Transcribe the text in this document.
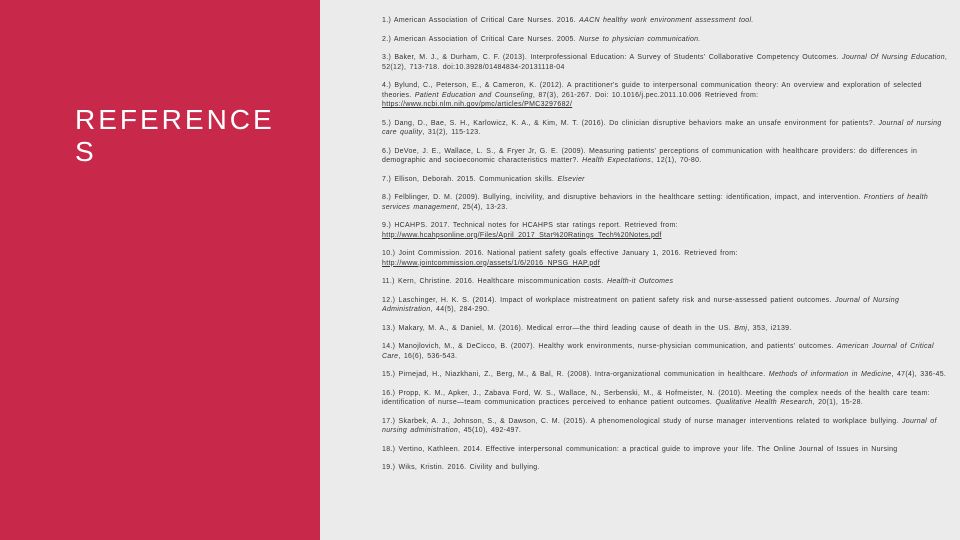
REFERENCES
1.) American Association of Critical Care Nurses. 2016. AACN healthy work environment assessment tool.
2.) American Association of Critical Care Nurses. 2005. Nurse to physician communication.
3.) Baker, M. J., & Durham, C. F. (2013). Interprofessional Education: A Survey of Students' Collaborative Competency Outcomes. Journal Of Nursing Education, 52(12), 713-718. doi:10.3928/01484834-20131118-04
4.) Bylund, C., Peterson, E., & Cameron, K. (2012). A practitioner's guide to interpersonal communication theory: An overview and exploration of selected theories. Patient Education and Counseling, 87(3), 261-267. Doi: 10.1016/j.pec.2011.10.006 Retrieved from:
https://www.ncbi.nlm.nih.gov/pmc/articles/PMC3297682/
5.) Dang, D., Bae, S. H., Karlowicz, K. A., & Kim, M. T. (2016). Do clinician disruptive behaviors make an unsafe environment for patients?. Journal of nursing care quality, 31(2), 115-123.
6.) DeVoe, J. E., Wallace, L. S., & Fryer Jr, G. E. (2009). Measuring patients' perceptions of communication with healthcare providers: do differences in demographic and socioeconomic characteristics matter?. Health Expectations, 12(1), 70-80.
7.) Ellison, Deborah. 2015. Communication skills. Elsevier
8.) Felblinger, D. M. (2009). Bullying, incivility, and disruptive behaviors in the healthcare setting: identification, impact, and intervention. Frontiers of health services management, 25(4), 13-23.
9.) HCAHPS. 2017. Technical notes for HCAHPS star ratings report. Retrieved from:
http://www.hcahpsonline.org/Files/April_2017_Star%20Ratings_Tech%20Notes.pdf
10.) Joint Commission. 2016. National patient safety goals effective January 1, 2016. Retrieved from:
http://www.jointcommission.org/assets/1/6/2016_NPSG_HAP.pdf
11.) Kern, Christine. 2016. Healthcare miscommunication costs. Health-it Outcomes
12.) Laschinger, H. K. S. (2014). Impact of workplace mistreatment on patient safety risk and nurse-assessed patient outcomes. Journal of Nursing Administration, 44(5), 284-290.
13.) Makary, M. A., & Daniel, M. (2016). Medical error—the third leading cause of death in the US. Bmj, 353, i2139.
14.) Manojlovich, M., & DeCicco, B. (2007). Healthy work environments, nurse-physician communication, and patients' outcomes. American Journal of Critical Care, 16(6), 536-543.
15.) Pirnejad, H., Niazkhani, Z., Berg, M., & Bal, R. (2008). Intra-organizational communication in healthcare. Methods of information in Medicine, 47(4), 336-45.
16.) Propp, K. M., Apker, J., Zabava Ford, W. S., Wallace, N., Serbenski, M., & Hofmeister, N. (2010). Meeting the complex needs of the health care team: identification of nurse—team communication practices perceived to enhance patient outcomes. Qualitative Health Research, 20(1), 15-28.
17.) Skarbek, A. J., Johnson, S., & Dawson, C. M. (2015). A phenomenological study of nurse manager interventions related to workplace bullying. Journal of nursing administration, 45(10), 492-497.
18.) Vertino, Kathleen. 2014. Effective interpersonal communication: a practical guide to improve your life. The Online Journal of Issues in Nursing
19.) Wiks, Kristin. 2016. Civility and bullying.
